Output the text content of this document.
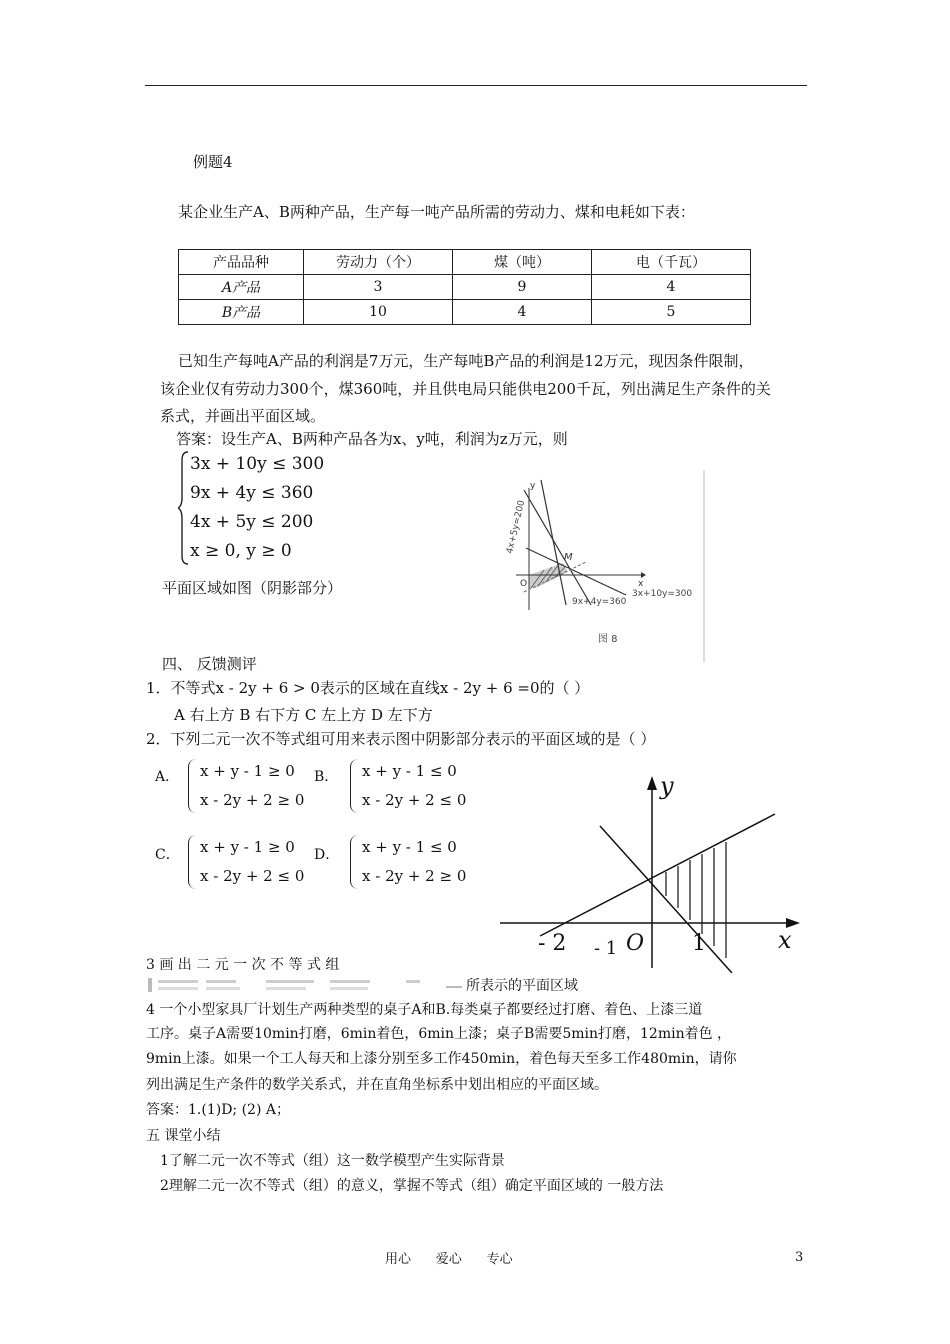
例题4
某企业生产A、B两种产品，生产每一吨产品所需的劳动力、煤和电耗如下表：
产品品种	劳动力（个）	煤（吨）	电（千瓦）
A产品	3	9	4
B产品	10	4	5
已知生产每吨A产品的利润是7万元，生产每吨B产品的利润是12万元，现因条件限制，
该企业仅有劳动力300个，煤360吨，并且供电局只能供电200千瓦，列出满足生产条件的关
系式，并画出平面区域。
答案：设生产A、B两种产品各为x、y吨，利润为z万元，则
3x + 10y ≤ 300
9x + 4y ≤ 360
4x + 5y ≤ 200
x ≥ 0, y ≥ 0
平面区域如图（阴影部分）
y
x
O
M
4x+5y=200
9x+4y=360
3x+10y=300
图 8
四、 反馈测评
1．不等式x - 2y + 6 > 0表示的区域在直线x - 2y + 6 =0的（ ）
A 右上方 B 右下方 C 左上方 D 左下方
2．下列二元一次不等式组可用来表示图中阴影部分表示的平面区域的是（ ）
A． x + y - 1 ≥ 0
x - 2y + 2 ≥ 0
B． x + y - 1 ≤ 0
x - 2y + 2 ≤ 0
C． x + y - 1 ≥ 0
x - 2y + 2 ≤ 0
D． x + y - 1 ≤ 0
x - 2y + 2 ≥ 0
y
x
O
- 2 - 1	1
3 画 出 二 元 一 次 不 等 式 组
所表示的平面区域
4 一个小型家具厂计划生产两种类型的桌子A和B.每类桌子都要经过打磨、着色、上漆三道
工序。桌子A需要10min打磨，6min着色，6min上漆；桌子B需要5min打磨，12min着色 ，
9min上漆。如果一个工人每天和上漆分别至多工作450min，着色每天至多工作480min，请你
列出满足生产条件的数学关系式，并在直角坐标系中划出相应的平面区域。
答案：1.(1)D; (2) A；
五 课堂小结
1了解二元一次不等式（组）这一数学模型产生实际背景
2理解二元一次不等式（组）的意义，掌握不等式（组）确定平面区域的 一般方法
用心      爱心      专心	3
